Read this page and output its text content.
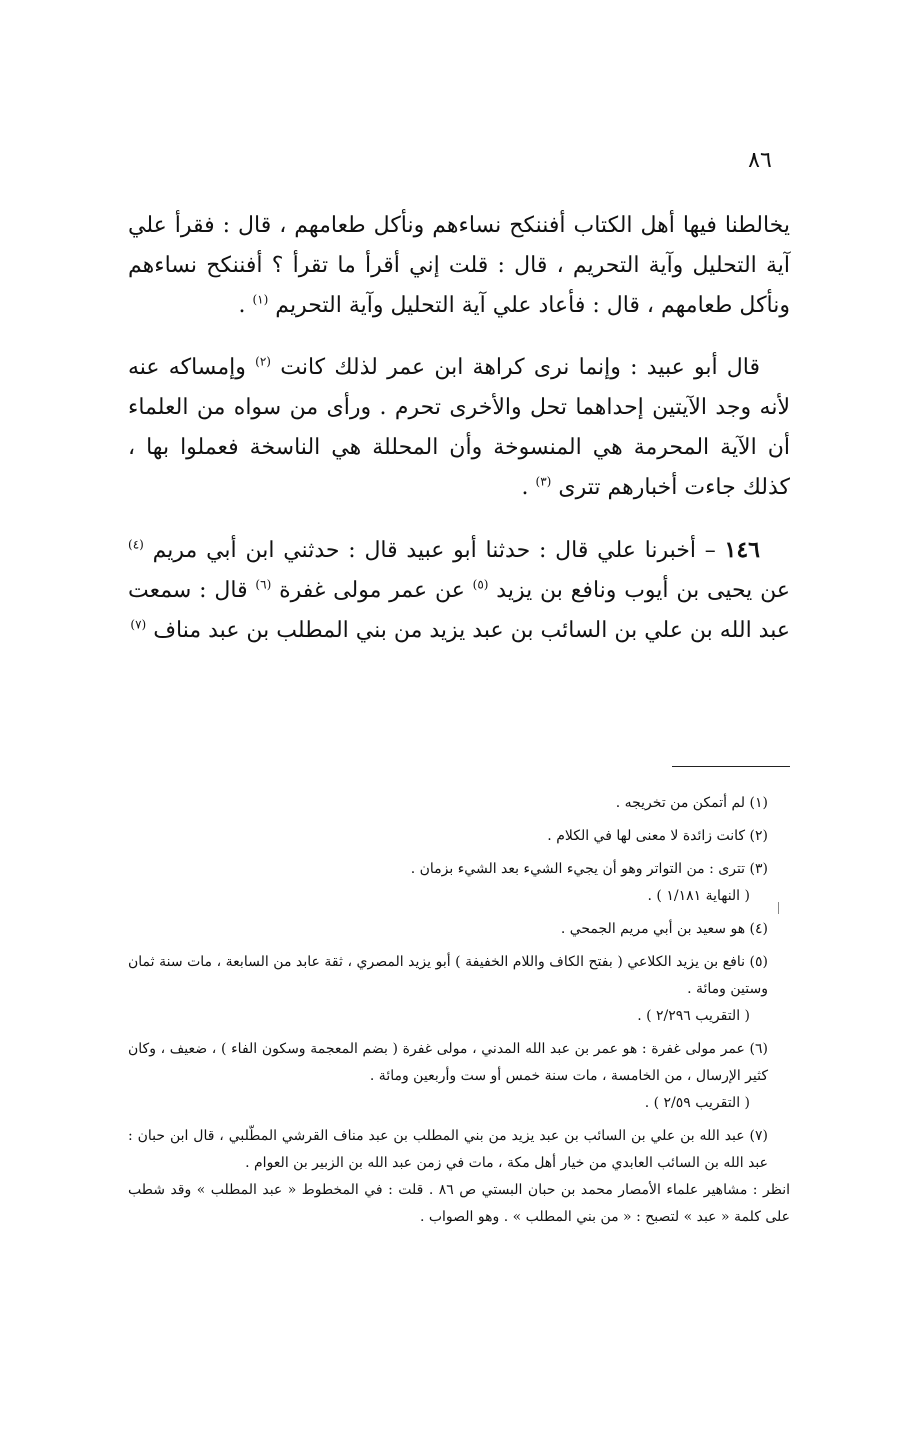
٨٦

يخالطنا فيها أهل الكتاب أفننكح نساءهم ونأكل طعامهم ، قال : فقرأ علي آية التحليل وآية التحريم ، قال : قلت إني أقرأ ما تقرأ ؟ أفننكح نساءهم ونأكل طعامهم ، قال : فأعاد علي آية التحليل وآية التحريم $^{(١)}$ .

قال أبو عبيد : وإنما نرى كراهة ابن عمر لذلك كانت $^{(٢)}$ وإمساكه عنه لأنه وجد الآيتين إحداهما تحل والأخرى تحرم . ورأى من سواه من العلماء أن الآية المحرمة هي المنسوخة وأن المحللة هي الناسخة فعملوا بها ، كذلك جاءت أخبارهم تترى $^{(٣)}$ .

١٤٦ – أخبرنا علي قال : حدثنا أبو عبيد قال : حدثني ابن أبي مريم $^{(٤)}$ عن يحيى بن أيوب ونافع بن يزيد $^{(٥)}$ عن عمر مولى غفرة $^{(٦)}$ قال : سمعت عبد الله بن علي بن السائب بن عبد يزيد من بني المطلب بن عبد مناف $^{(٧)}$

(١) لم أتمكن من تخريجه .
(٢) كانت زائدة لا معنى لها في الكلام .
(٣) تترى : من التواتر وهو أن يجيء الشيء بعد الشيء بزمان .
( النهاية ١/١٨١ ) .
(٤) هو سعيد بن أبي مريم الجمحي .
(٥) نافع بن يزيد الكلاعي ( بفتح الكاف واللام الخفيفة ) أبو يزيد المصري ، ثقة عابد من السابعة ، مات سنة ثمان وستين ومائة .
( التقريب ٢/٢٩٦ ) .
(٦) عمر مولى غفرة : هو عمر بن عبد الله المدني ، مولى غفرة ( بضم المعجمة وسكون الفاء ) ، ضعيف ، وكان كثير الإرسال ، من الخامسة ، مات سنة خمس أو ست وأربعين ومائة .
( التقريب ٢/٥٩ ) .
(٧) عبد الله بن علي بن السائب بن عبد يزيد من بني المطلب بن عبد مناف القرشي المطّلبي ، قال ابن حبان : عبد الله بن السائب العابدي من خيار أهل مكة ، مات في زمن عبد الله بن الزبير بن العوام .
انظر : مشاهير علماء الأمصار محمد بن حبان البستي ص ٨٦ . قلت : في المخطوط « عبد المطلب » وقد شطب على كلمة « عبد » لتصبح : « من بني المطلب » . وهو الصواب .
